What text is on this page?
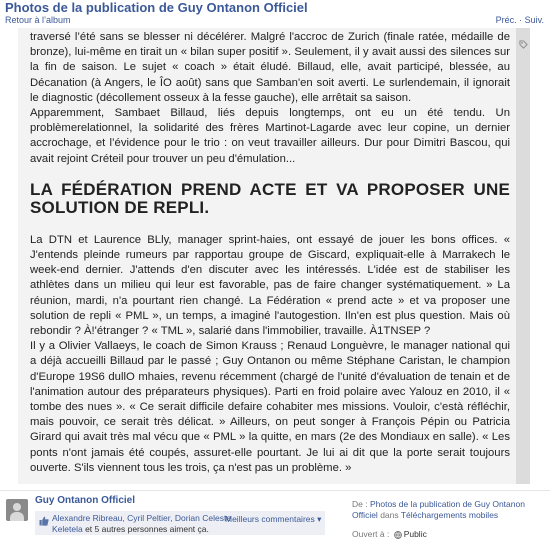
Photos de la publication de Guy Ontanon Officiel
Retour à l’album	Préc. · Suiv.

traversé l’été sans se blesser ni décélérer. Malgré l'accroc de Zurich (finale ratée, médaille de bronze), lui-même en tirait un « bilan super positif ». Seulement, il y avait aussi des silences sur la fin de saison. Le sujet « coach » était éludé. Billaud, elle, avait participé, blessée, au Décanation (à Angers, le ÎO août) sans que Samban'en soit averti. Le surlendemain, il ignorait le diagnostic (décollement osseux à la fesse gauche), elle arrêtait sa saison.

Apparemment, Sambaet Billaud, liés depuis longtemps, ont eu un été tendu. Un problèmerelationnel, la solidarité des frères Martinot-Lagarde avec leur copine, un dernier accrochage, et l’évidence pour le trio : on veut travailler ailleurs. Dur pour Dimitri Bascou, qui avait rejoint Créteil pour trouver un peu d'émulation...

LA FÉDÉRATION PREND ACTE ET VA PROPOSER UNE SOLUTION DE REPLI.

La DTN et Laurence BLly, manager sprint-haies, ont essayé de jouer les bons offices. « J'entends pleinde rumeurs par rapportau groupe de Giscard, expliquait-elle à Marrakech le week-end dernier. J'attends d'en discuter avec les intéressés. L'idée est de stabiliser les athlètes dans un milieu qui leur est favorable, pas de faire changer systématiquement. » La réunion, mardi, n'a pourtant rien changé. La Fédération « prend acte » et va proposer une solution de repli « PML », un temps, a imaginé l'autogestion. Iln'en est plus question. Mais où rebondir ? À!'étranger ? « TML », salarié dans l'immobilier, travaille. À1TNSEP ?

Il y a Olivier Vallaeys, le coach de Simon Krauss ; Renaud Longuèvre, le manager national qui a déjà accueilli Billaud par le passé ; Guy Ontanon ou même Stéphane Caristan, le champion d'Europe 19S6 dullO mhaies, revenu récemment (chargé de l'unité d'évaluation de tenain et de l'animation autour des préparateurs physiques). Parti en froid polaire avec Yalouz en 2010, il « tombe des nues ». « Ce serait difficile defaire cohabiter mes missions. Vouloir, c'està réfléchir, mais pouvoir, ce serait très délicat. » Ailleurs, on peut songer à François Pépin ou Patricia Girard qui avait très mal vécu que « PML » la quitte, en mars (2e des Mondiaux en salle). « Les ponts n'ont jamais été coupés, assuret-elle pourtant. Je lui ai dit que la porte serait toujours ouverte. S'ils viennent tous les trois, ça n'est pas un problème. »

Guy Ontanon Officiel
Alexandre Ribreau, Cyril Peltier, Dorian Celeste Keletela et 5 autres personnes aiment ça.
Meilleurs commentaires ▾
De : Photos de la publication de Guy Ontanon Officiel dans Téléchargements mobiles
Ouvert à : Public
